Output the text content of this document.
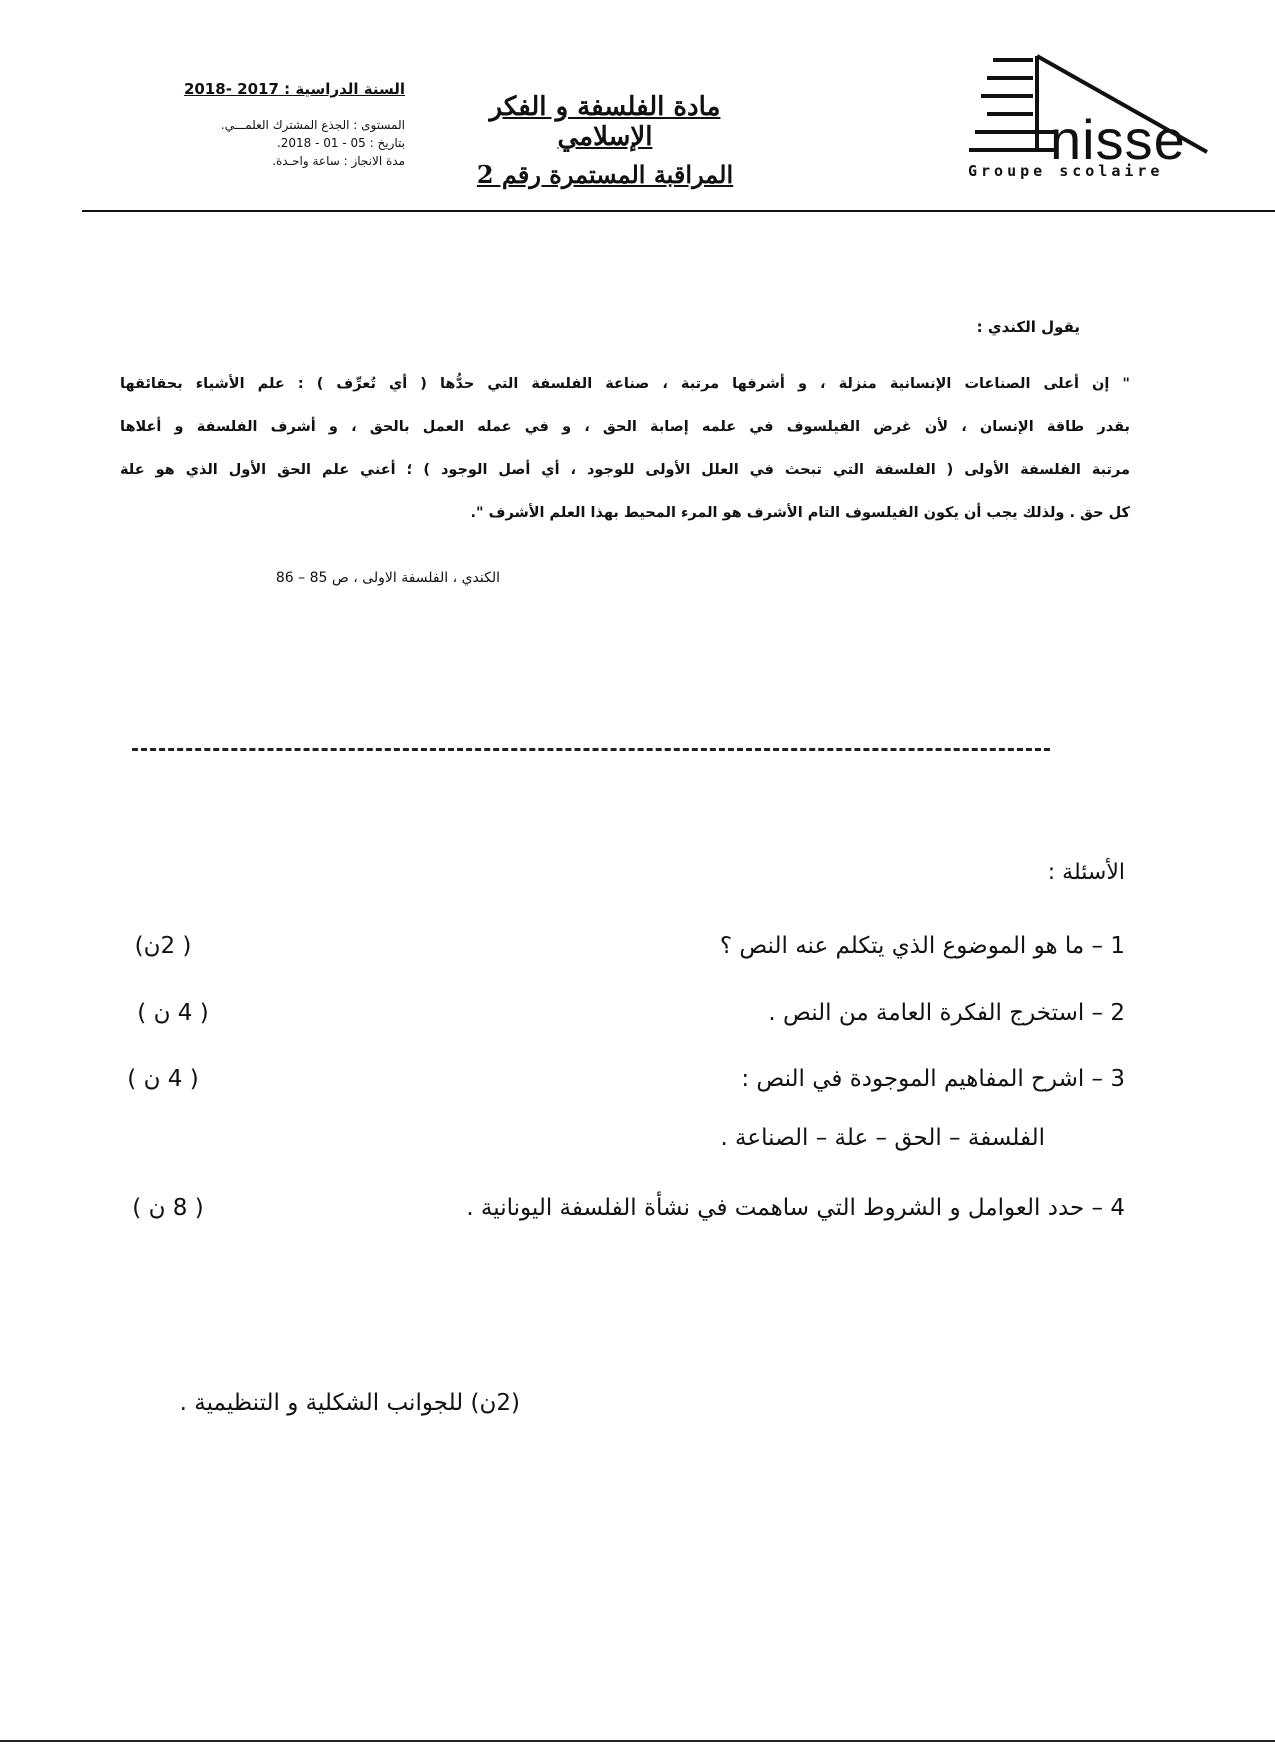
السنة الدراسية : 2017 -2018
المستوى : الجذع المشترك العلمـــي.
بتاريخ : 05 - 01 - 2018.
مدة الانجاز : ساعة واحـدة.
مادة الفلسفة و الفكر الإسلامي
المراقبة المستمرة رقم 2
nisse
Groupe scolaire
يقول الكندي :
" إن أعلى الصناعات الإنسانية منزلة ، و أشرفها مرتبة ، صناعة الفلسفة التي حدُّها ( أي تُعرِّف ) : علم الأشياء بحقائقها
بقدر طاقة الإنسان ، لأن غرض الفيلسوف في علمه إصابة الحق ، و في عمله العمل بالحق ، و أشرف الفلسفة و أعلاها
مرتبة الفلسفة الأولى ( الفلسفة التي تبحث في العلل الأولى للوجود ، أي أصل الوجود ) ؛ أعني علم الحق الأول الذي هو علة
كل حق . ولذلك يجب أن يكون الفيلسوف التام الأشرف هو المرء المحيط بهذا العلم الأشرف ".
الكندي ، الفلسفة الاولى ، ص 85 – 86
الأسئلة :
1 – ما هو الموضوع الذي يتكلم عنه النص ؟
( 2ن)
2 – استخرج الفكرة العامة من النص .
( 4 ن )
3 – اشرح المفاهيم الموجودة في النص :
( 4 ن )
الفلسفة – الحق – علة – الصناعة .
4 – حدد العوامل و الشروط التي ساهمت في نشأة الفلسفة اليونانية .
( 8 ن )
(2ن) للجوانب الشكلية و التنظيمية .
